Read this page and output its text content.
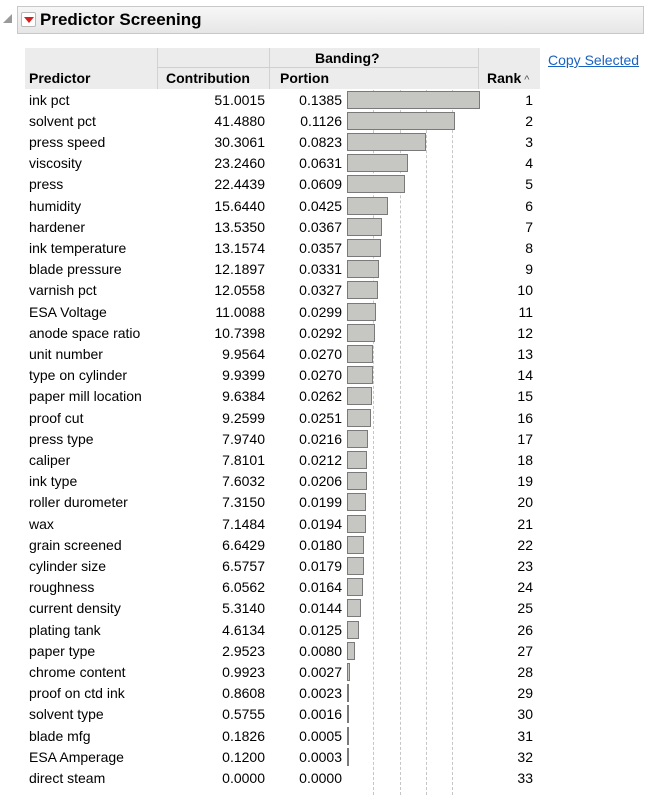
Predictor Screening
Copy Selected
Banding?
Predictor	Contribution Portion	Rank ^
ink pct	51.0015	0.1385	1
solvent pct	41.4880	0.1126	2
press speed	30.3061	0.0823	3
viscosity	23.2460	0.0631	4
press	22.4439	0.0609	5
humidity	15.6440	0.0425	6
hardener	13.5350	0.0367	7
ink temperature	13.1574	0.0357	8
blade pressure	12.1897	0.0331	9
varnish pct	12.0558	0.0327	10
ESA Voltage	11.0088	0.0299	11
anode space ratio	10.7398	0.0292	12
unit number	9.9564	0.0270	13
type on cylinder	9.9399	0.0270	14
paper mill location	9.6384	0.0262	15
proof cut	9.2599	0.0251	16
press type	7.9740	0.0216	17
caliper	7.8101	0.0212	18
ink type	7.6032	0.0206	19
roller durometer	7.3150	0.0199	20
wax	7.1484	0.0194	21
grain screened	6.6429	0.0180	22
cylinder size	6.5757	0.0179	23
roughness	6.0562	0.0164	24
current density	5.3140	0.0144	25
plating tank	4.6134	0.0125	26
paper type	2.9523	0.0080	27
chrome content	0.9923	0.0027	28
proof on ctd ink	0.8608	0.0023	29
solvent type	0.5755	0.0016	30
blade mfg	0.1826	0.0005	31
ESA Amperage	0.1200	0.0003	32
direct steam	0.0000	0.0000	33
